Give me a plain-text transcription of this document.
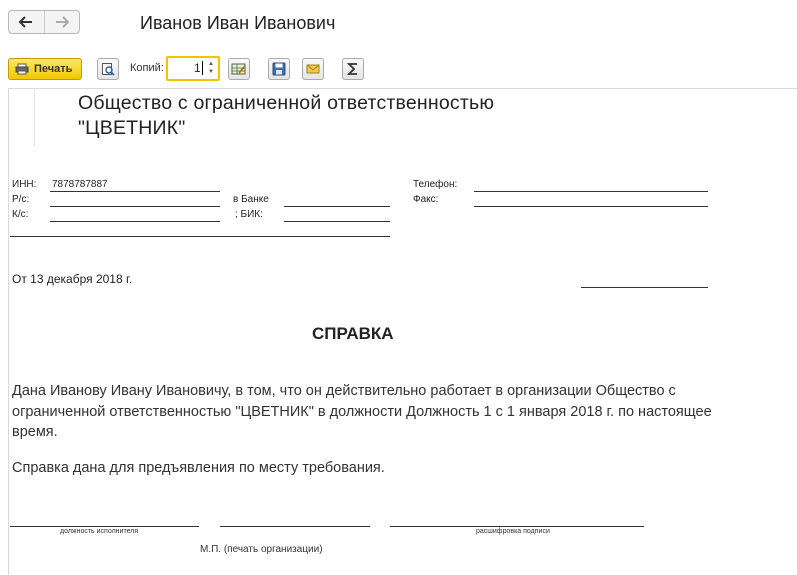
Иванов Иван Иванович
Печать	Копий:	1	▲
▼
Общество с ограниченной ответственностью
"ЦВЕТНИК"
ИНН: 7878787887
Р/с:
К/с:
в Банке
; БИК:
Телефон:
Факс:
От 13 декабря 2018 г.
СПРАВКА
Дана Иванову Ивану Ивановичу, в том, что он действительно работает в организации Общество с ограниченной ответственностью "ЦВЕТНИК" в должности Должность 1 с 1 января 2018 г. по настоящее время.
Справка дана для предъявления по месту требования.
должность исполнителя	расшифровка подписи
М.П. (печать организации)
